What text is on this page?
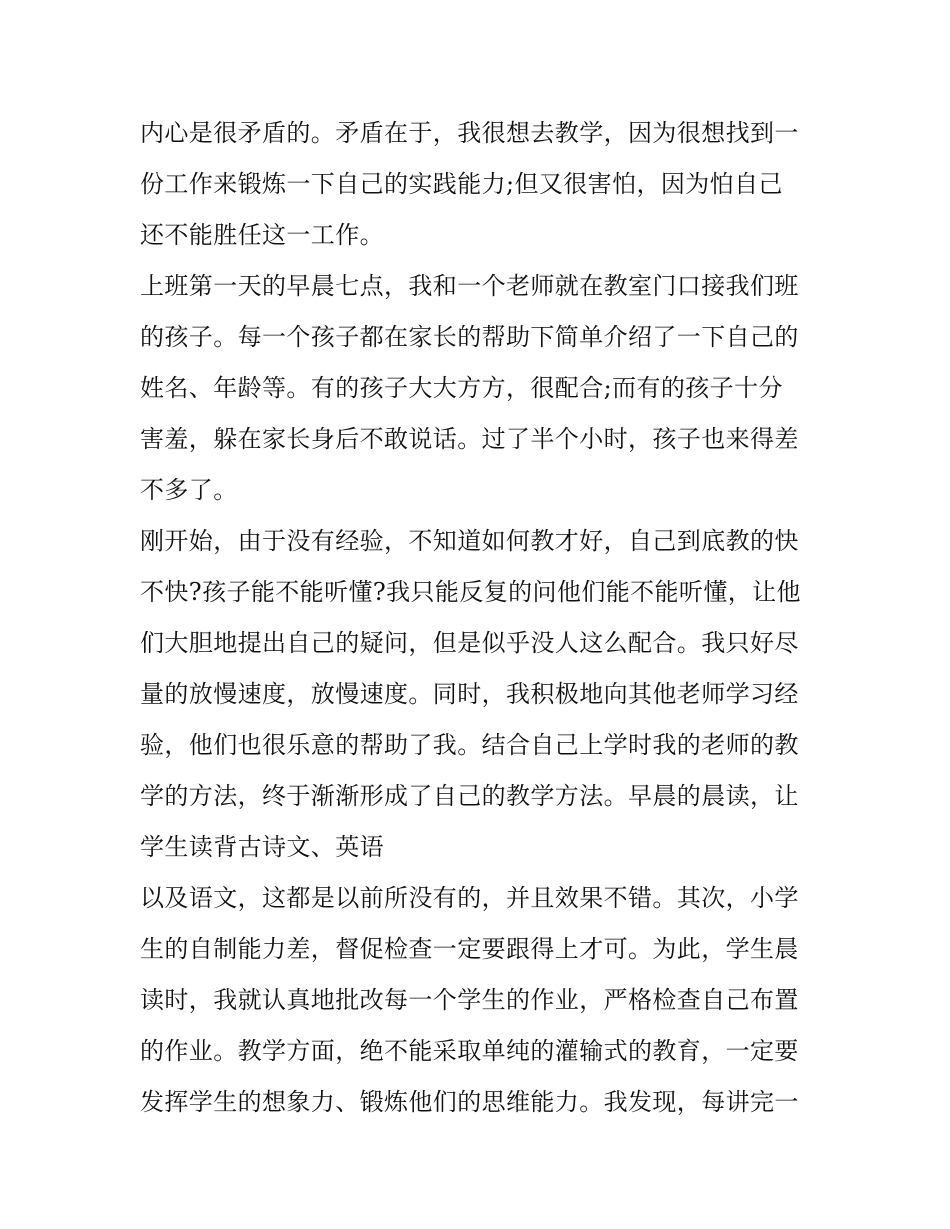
内心是很矛盾的。矛盾在于，我很想去教学，因为很想找到一
份工作来锻炼一下自己的实践能力;但又很害怕，因为怕自己
还不能胜任这一工作。
上班第一天的早晨七点，我和一个老师就在教室门口接我们班
的孩子。每一个孩子都在家长的帮助下简单介绍了一下自己的
姓名、年龄等。有的孩子大大方方，很配合;而有的孩子十分
害羞，躲在家长身后不敢说话。过了半个小时，孩子也来得差
不多了。
刚开始，由于没有经验，不知道如何教才好，自己到底教的快
不快?孩子能不能听懂?我只能反复的问他们能不能听懂，让他
们大胆地提出自己的疑问，但是似乎没人这么配合。我只好尽
量的放慢速度，放慢速度。同时，我积极地向其他老师学习经
验，他们也很乐意的帮助了我。结合自己上学时我的老师的教
学的方法，终于渐渐形成了自己的教学方法。早晨的晨读，让
学生读背古诗文、英语
以及语文，这都是以前所没有的，并且效果不错。其次，小学
生的自制能力差，督促检查一定要跟得上才可。为此，学生晨
读时，我就认真地批改每一个学生的作业，严格检查自己布置
的作业。教学方面，绝不能采取单纯的灌输式的教育，一定要
发挥学生的想象力、锻炼他们的思维能力。我发现，每讲完一
